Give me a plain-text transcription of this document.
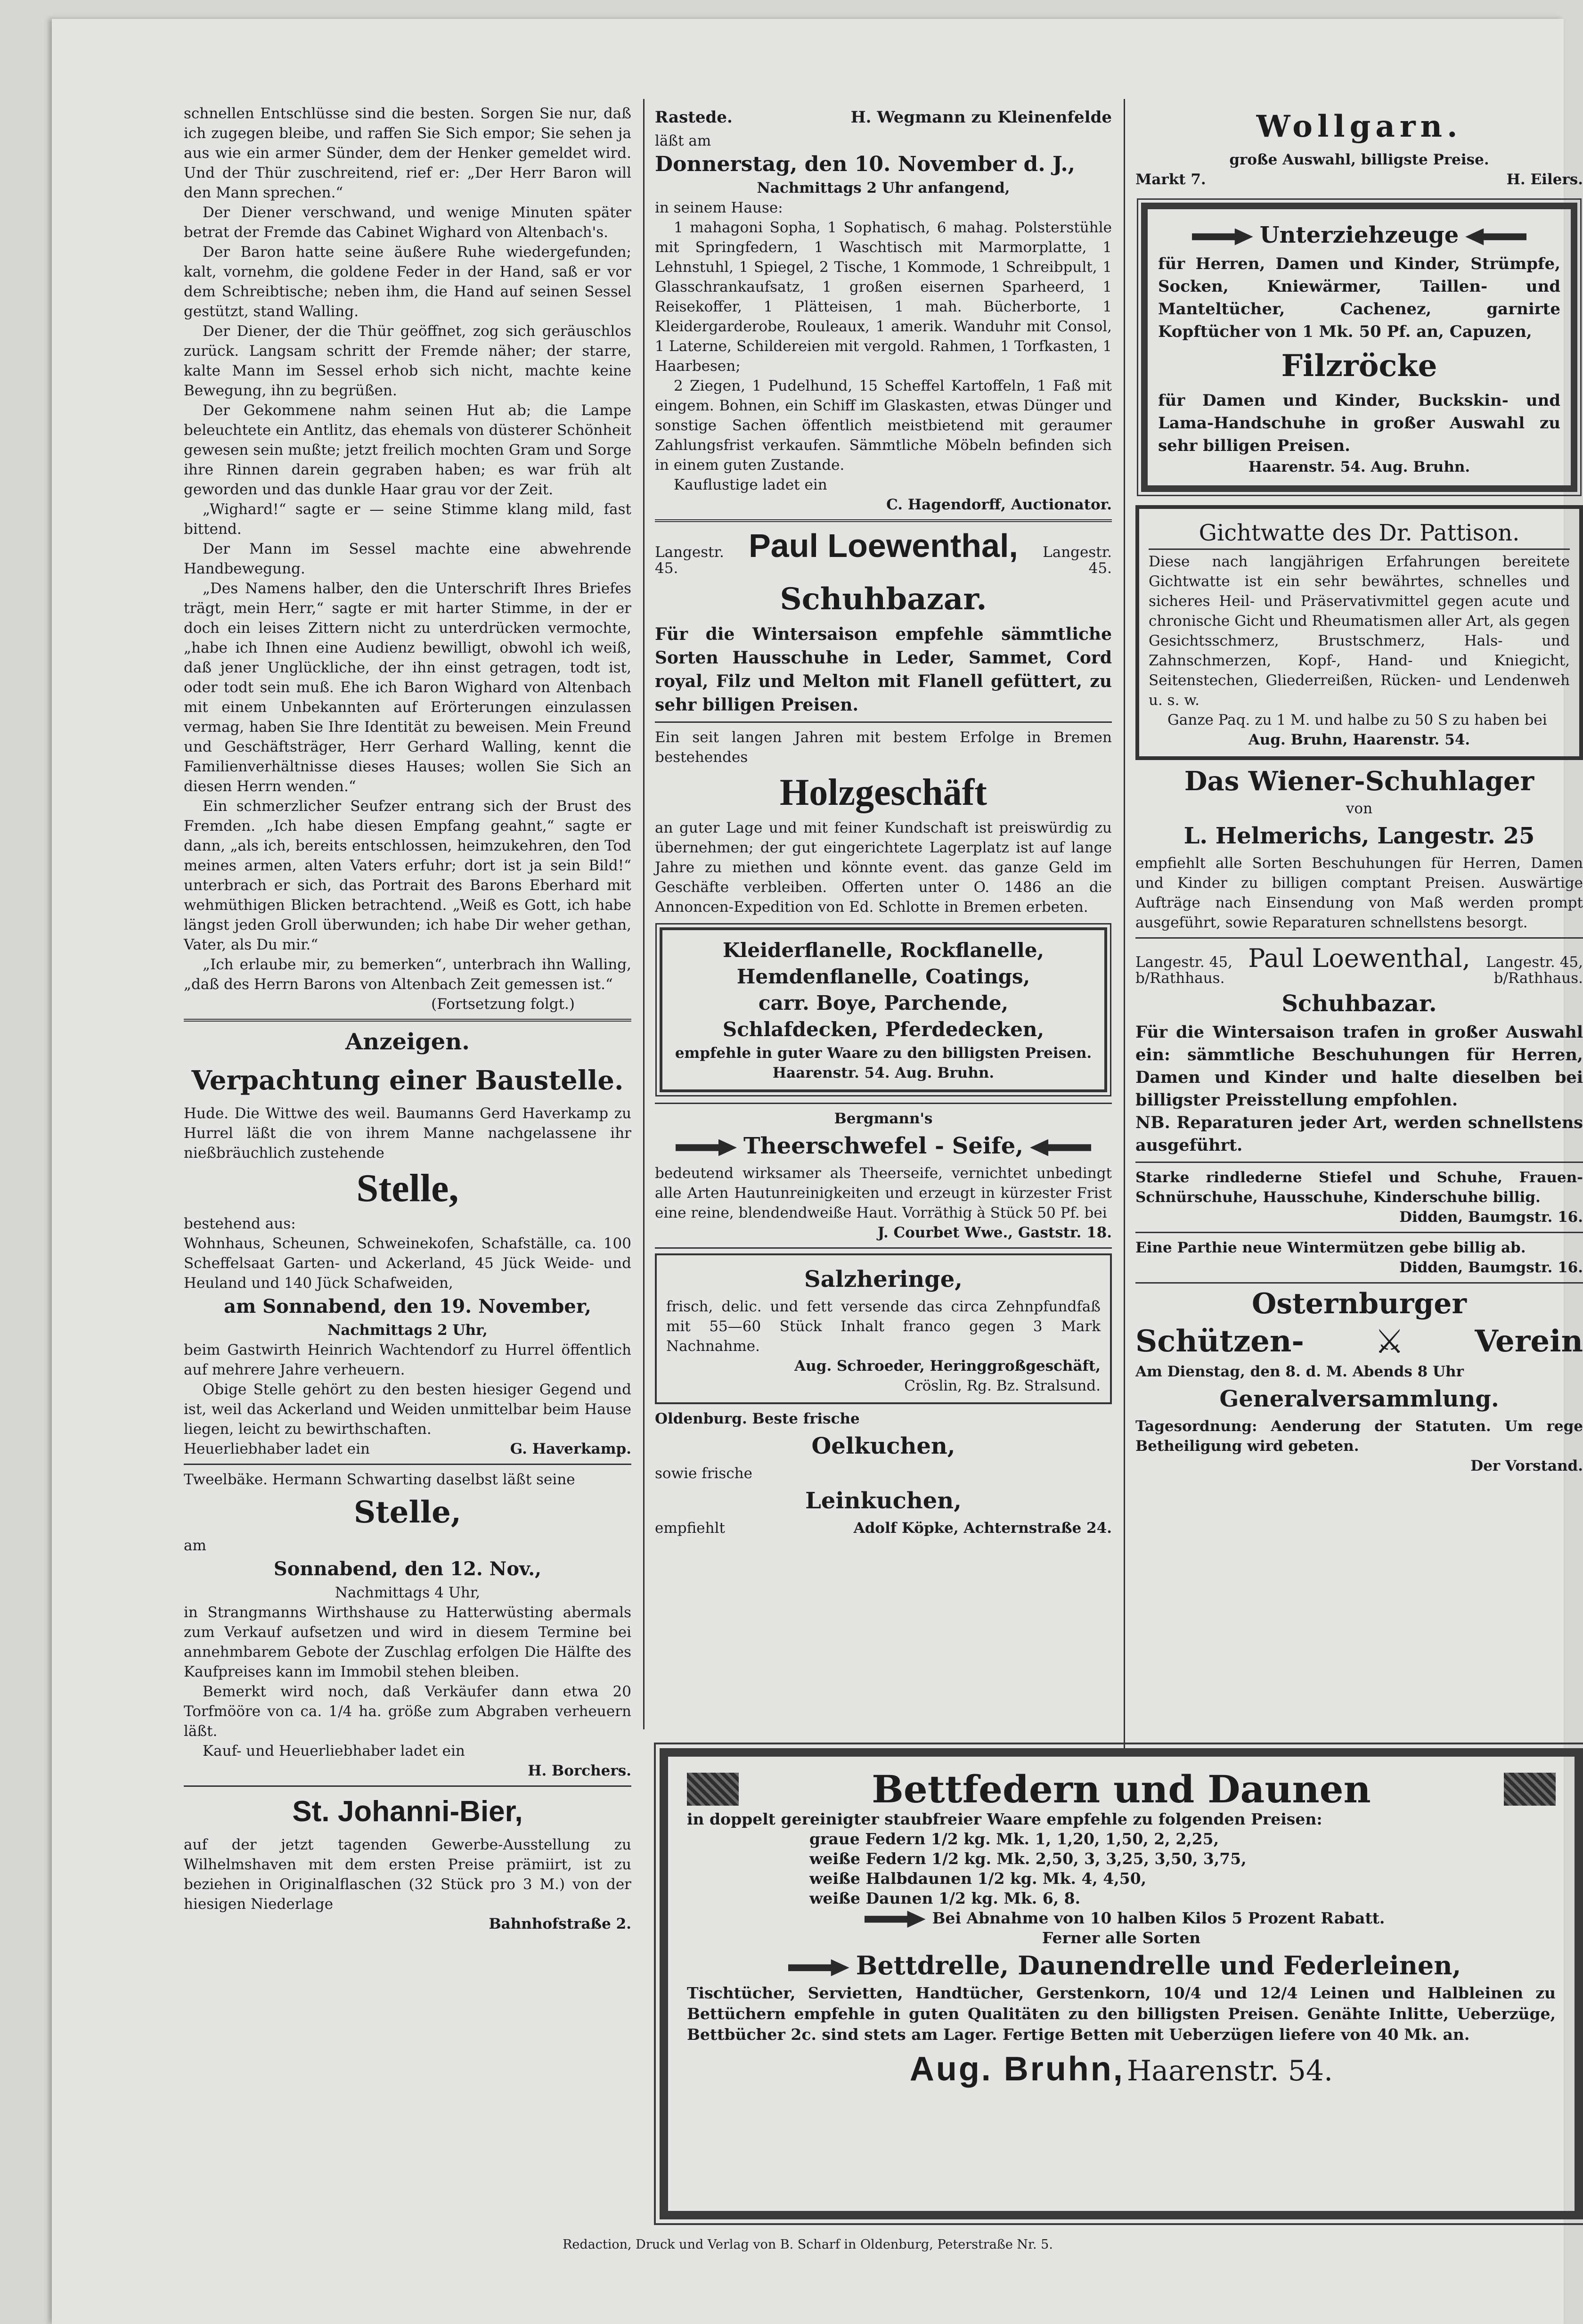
schnellen Entschlüsse sind die besten. Sorgen Sie nur, daß ich zugegen bleibe, und raffen Sie Sich empor; Sie sehen ja aus wie ein armer Sünder, dem der Henker gemeldet wird. Und der Thür zuschreitend, rief er: „Der Herr Baron will den Mann sprechen.“

Der Diener verschwand, und wenige Minuten später betrat der Fremde das Cabinet Wighard von Altenbach's.

Der Baron hatte seine äußere Ruhe wiedergefunden; kalt, vornehm, die goldene Feder in der Hand, saß er vor dem Schreibtische; neben ihm, die Hand auf seinen Sessel gestützt, stand Walling.

Der Diener, der die Thür geöffnet, zog sich geräuschlos zurück. Langsam schritt der Fremde näher; der starre, kalte Mann im Sessel erhob sich nicht, machte keine Bewegung, ihn zu begrüßen.

Der Gekommene nahm seinen Hut ab; die Lampe beleuchtete ein Antlitz, das ehemals von düsterer Schönheit gewesen sein mußte; jetzt freilich mochten Gram und Sorge ihre Rinnen darein gegraben haben; es war früh alt geworden und das dunkle Haar grau vor der Zeit.

„Wighard!“ sagte er — seine Stimme klang mild, fast bittend.

Der Mann im Sessel machte eine abwehrende Handbewegung.

„Des Namens halber, den die Unterschrift Ihres Briefes trägt, mein Herr,“ sagte er mit harter Stimme, in der er doch ein leises Zittern nicht zu unterdrücken vermochte, „habe ich Ihnen eine Audienz bewilligt, obwohl ich weiß, daß jener Unglückliche, der ihn einst getragen, todt ist, oder todt sein muß. Ehe ich Baron Wighard von Altenbach mit einem Unbekannten auf Erörterungen einzulassen vermag, haben Sie Ihre Identität zu beweisen. Mein Freund und Geschäftsträger, Herr Gerhard Walling, kennt die Familienverhältnisse dieses Hauses; wollen Sie Sich an diesen Herrn wenden.“

Ein schmerzlicher Seufzer entrang sich der Brust des Fremden. „Ich habe diesen Empfang geahnt,“ sagte er dann, „als ich, bereits entschlossen, heimzukehren, den Tod meines armen, alten Vaters erfuhr; dort ist ja sein Bild!“ unterbrach er sich, das Portrait des Barons Eberhard mit wehmüthigen Blicken betrachtend. „Weiß es Gott, ich habe längst jeden Groll überwunden; ich habe Dir weher gethan, Vater, als Du mir.“

„Ich erlaube mir, zu bemerken“, unterbrach ihn Walling, „daß des Herrn Barons von Altenbach Zeit gemessen ist.“

(Fortsetzung folgt.)

Anzeigen.
Verpachtung einer Baustelle.

Hude. Die Wittwe des weil. Baumanns Gerd Haverkamp zu Hurrel läßt die von ihrem Manne nachgelassene ihr nießbräuchlich zustehende

Stelle,

bestehend aus:

Wohnhaus, Scheunen, Schweinekofen, Schafställe, ca. 100 Scheffelsaat Garten- und Ackerland, 45 Jück Weide- und Heuland und 140 Jück Schafweiden,

am Sonnabend, den 19. November,
Nachmittags 2 Uhr,

beim Gastwirth Heinrich Wachtendorf zu Hurrel öffentlich auf mehrere Jahre verheuern.

Obige Stelle gehört zu den besten hiesiger Gegend und ist, weil das Ackerland und Weiden unmittelbar beim Hause liegen, leicht zu bewirthschaften.

Heuerliebhaber ladet ein	G. Haverkamp.

Tweelbäke. Hermann Schwarting daselbst läßt seine

Stelle,

am

Sonnabend, den 12. Nov.,
Nachmittags 4 Uhr,

in Strangmanns Wirthshause zu Hatterwüsting abermals zum Verkauf aufsetzen und wird in diesem Termine bei annehmbarem Gebote der Zuschlag erfolgen Die Hälfte des Kaufpreises kann im Immobil stehen bleiben.

Bemerkt wird noch, daß Verkäufer dann etwa 20 Torfmööre von ca. 1/4 ha. größe zum Abgraben verheuern läßt.

Kauf- und Heuerliebhaber ladet ein

H. Borchers.

St. Johanni-Bier,

auf der jetzt tagenden Gewerbe-Ausstellung zu Wilhelmshaven mit dem ersten Preise prämiirt, ist zu beziehen in Originalflaschen (32 Stück pro 3 M.) von der hiesigen Niederlage

Bahnhofstraße 2.

Rastede.	H. Wegmann zu Kleinenfelde

läßt am

Donnerstag, den 10. November d. J.,
Nachmittags 2 Uhr anfangend,

in seinem Hause:

1 mahagoni Sopha, 1 Sophatisch, 6 mahag. Polsterstühle mit Springfedern, 1 Waschtisch mit Marmorplatte, 1 Lehnstuhl, 1 Spiegel, 2 Tische, 1 Kommode, 1 Schreibpult, 1 Glasschrankaufsatz, 1 großen eisernen Sparheerd, 1 Reisekoffer, 1 Plätteisen, 1 mah. Bücherborte, 1 Kleidergarderobe, Rouleaux, 1 amerik. Wanduhr mit Consol, 1 Laterne, Schildereien mit vergold. Rahmen, 1 Torfkasten, 1 Haarbesen;

2 Ziegen, 1 Pudelhund, 15 Scheffel Kartoffeln, 1 Faß mit eingem. Bohnen, ein Schiff im Glaskasten, etwas Dünger und sonstige Sachen öffentlich meistbietend mit geraumer Zahlungsfrist verkaufen. Sämmtliche Möbeln befinden sich in einem guten Zustande.

Kauflustige ladet ein

C. Hagendorff, Auctionator.

Langestr.
45.
Paul Loewenthal, Langestr.
45.
Schuhbazar.

Für die Wintersaison empfehle sämmtliche Sorten Hausschuhe in Leder, Sammet, Cord royal, Filz und Melton mit Flanell gefüttert, zu sehr billigen Preisen.

Ein seit langen Jahren mit bestem Erfolge in Bremen bestehendes

Holzgeschäft

an guter Lage und mit feiner Kundschaft ist preiswürdig zu übernehmen; der gut eingerichtete Lagerplatz ist auf lange Jahre zu miethen und könnte event. das ganze Geld im Geschäfte verbleiben. Offerten unter O. 1486 an die Annoncen-Expedition von Ed. Schlotte in Bremen erbeten.

Kleiderflanelle, Rockflanelle,
Hemdenflanelle, Coatings,
carr. Boye, Parchende,
Schlafdecken, Pferdedecken,

empfehle in guter Waare zu den billigsten Preisen.

Haarenstr. 54. Aug. Bruhn.

Bergmann's
Theerschwefel - Seife,

bedeutend wirksamer als Theerseife, vernichtet unbedingt alle Arten Hautunreinigkeiten und erzeugt in kürzester Frist eine reine, blendendweiße Haut. Vorräthig à Stück 50 Pf. bei

J. Courbet Wwe., Gaststr. 18.

Salzheringe,

frisch, delic. und fett versende das circa Zehnpfundfaß mit 55—60 Stück Inhalt franco gegen 3 Mark Nachnahme.

Aug. Schroeder, Heringgroßgeschäft,

Cröslin, Rg. Bz. Stralsund.

Oldenburg. Beste frische

Oelkuchen,

sowie frische

Leinkuchen,
empfiehlt	Adolf Köpke, Achternstraße 24.
Wollgarn.

große Auswahl, billigste Preise.

Markt 7.	H. Eilers.
Unterziehzeuge

für Herren, Damen und Kinder, Strümpfe, Socken, Kniewärmer, Taillen- und Manteltücher, Cachenez, garnirte Kopftücher von 1 Mk. 50 Pf. an, Capuzen,

Filzröcke

für Damen und Kinder, Buckskin- und Lama-Handschuhe in großer Auswahl zu sehr billigen Preisen.

Haarenstr. 54. Aug. Bruhn.

Gichtwatte des Dr. Pattison.

Diese nach langjährigen Erfahrungen bereitete Gichtwatte ist ein sehr bewährtes, schnelles und sicheres Heil- und Präservativmittel gegen acute und chronische Gicht und Rheumatismen aller Art, als gegen Gesichtsschmerz, Brustschmerz, Hals- und Zahnschmerzen, Kopf-, Hand- und Kniegicht, Seitenstechen, Gliederreißen, Rücken- und Lendenweh u. s. w.

Ganze Paq. zu 1 M. und halbe zu 50 S zu haben bei

Aug. Bruhn, Haarenstr. 54.

Das Wiener-Schuhlager
von
L. Helmerichs, Langestr. 25

empfiehlt alle Sorten Beschuhungen für Herren, Damen und Kinder zu billigen comptant Preisen. Auswärtige Aufträge nach Einsendung von Maß werden prompt ausgeführt, sowie Reparaturen schnellstens besorgt.

Langestr. 45,
b/Rathhaus.
Paul Loewenthal, Langestr. 45,
b/Rathhaus.
Schuhbazar.

Für die Wintersaison trafen in großer Auswahl ein: sämmtliche Beschuhungen für Herren, Damen und Kinder und halte dieselben bei billigster Preisstellung empfohlen.

NB. Reparaturen jeder Art, werden schnellstens ausgeführt.

Starke rindlederne Stiefel und Schuhe, Frauen-Schnürschuhe, Hausschuhe, Kinderschuhe billig.

Didden, Baumgstr. 16.

Eine Parthie neue Wintermützen gebe billig ab.

Didden, Baumgstr. 16.

Osternburger
Schützen- ⚔ Verein

Am Dienstag, den 8. d. M. Abends 8 Uhr

Generalversammlung.

Tagesordnung: Aenderung der Statuten. Um rege Betheiligung wird gebeten.

Der Vorstand.

Bettfedern und Daunen

in doppelt gereinigter staubfreier Waare empfehle zu folgenden Preisen:

graue Federn 1/2 kg. Mk. 1, 1,20, 1,50, 2, 2,25,

weiße Federn 1/2 kg. Mk. 2,50, 3, 3,25, 3,50, 3,75,

weiße Halbdaunen 1/2 kg. Mk. 4, 4,50,

weiße Daunen 1/2 kg. Mk. 6, 8.

Bei Abnahme von 10 halben Kilos 5 Prozent Rabatt.

Ferner alle Sorten

Bettdrelle, Daunendrelle und Federleinen,

Tischtücher, Servietten, Handtücher, Gerstenkorn, 10/4 und 12/4 Leinen und Halbleinen zu Bettüchern empfehle in guten Qualitäten zu den billigsten Preisen. Genähte Inlitte, Ueberzüge, Bettbücher 2c. sind stets am Lager. Fertige Betten mit Ueberzügen liefere von 40 Mk. an.

Aug. Bruhn, Haarenstr. 54.
Redaction, Druck und Verlag von B. Scharf in Oldenburg, Peterstraße Nr. 5.
